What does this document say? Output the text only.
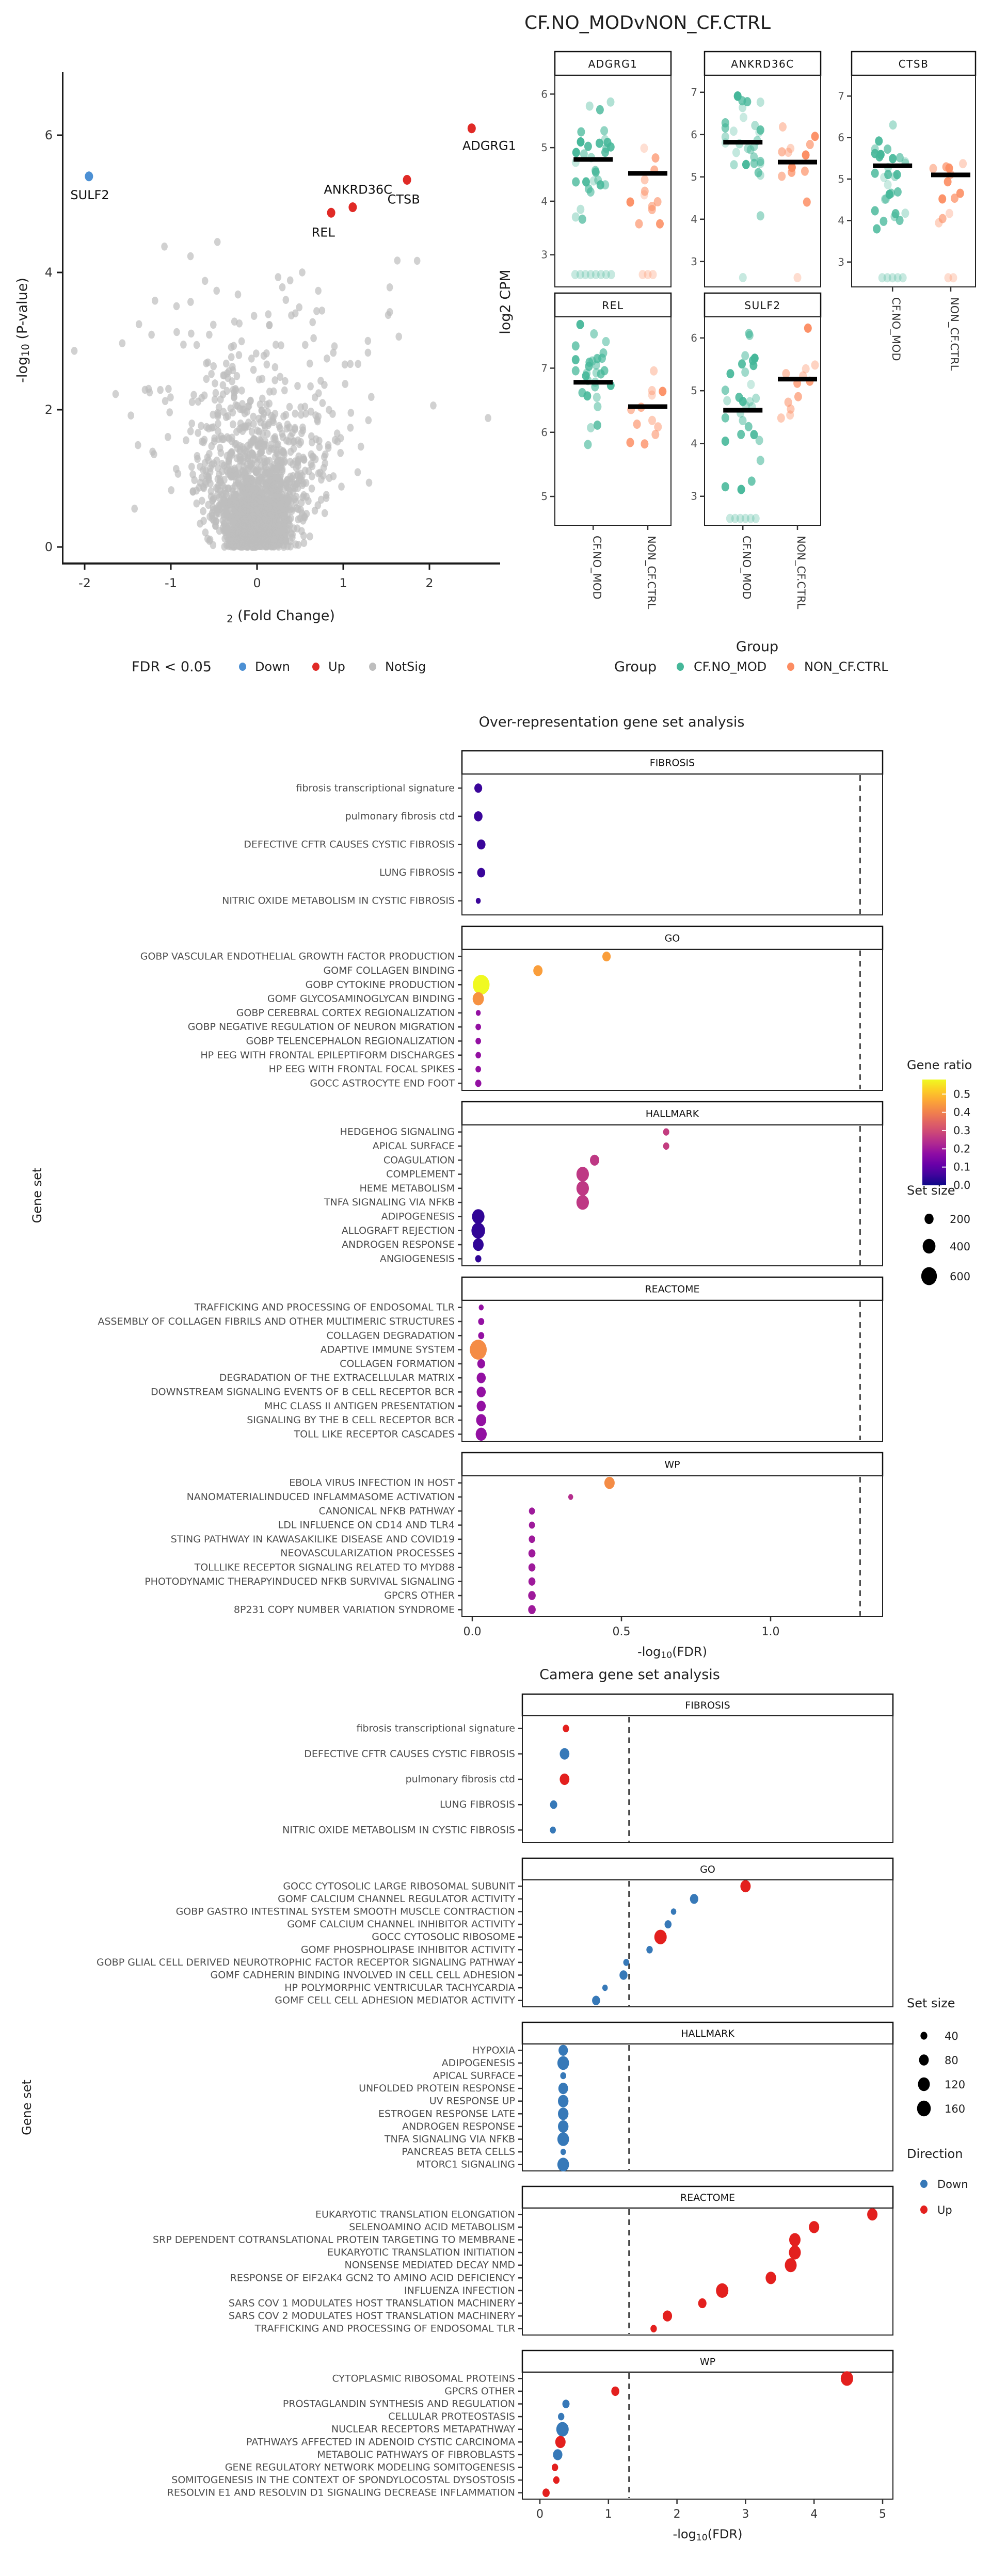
CF.NO_MODvNON_CF.CTRL
Over-representation gene set analysis
Camera gene set analysis
0
2
4
6
-2	-1	0	1	2
ADGRG1
SULF2	CTSB
ANKRD36C
REL
-log10 (P-value)
2 (Fold Change)
FDR < 0.05	Down	Up	NotSig
ADGRG1
3
4
5
6
ANKRD36C
3
4
5
6
7
CTSB
3
4
5
6
7
CF.NO_MOD	NON_CF.CTRL
REL
5
6
7
CF.NO_MOD	NON_CF.CTRL
SULF2
3
4
5
6
CF.NO_MOD	NON_CF.CTRL
log2 CPM
Group
Group	CF.NO_MOD	NON_CF.CTRL
FIBROSIS
fibrosis transcriptional signature
pulmonary fibrosis ctd
DEFECTIVE CFTR CAUSES CYSTIC FIBROSIS
LUNG FIBROSIS
NITRIC OXIDE METABOLISM IN CYSTIC FIBROSIS
GO
GOBP VASCULAR ENDOTHELIAL GROWTH FACTOR PRODUCTION
GOMF COLLAGEN BINDING
GOBP CYTOKINE PRODUCTION
GOMF GLYCOSAMINOGLYCAN BINDING
GOBP CEREBRAL CORTEX REGIONALIZATION
GOBP NEGATIVE REGULATION OF NEURON MIGRATION
GOBP TELENCEPHALON REGIONALIZATION
HP EEG WITH FRONTAL EPILEPTIFORM DISCHARGES
HP EEG WITH FRONTAL FOCAL SPIKES
GOCC ASTROCYTE END FOOT
HALLMARK
HEDGEHOG SIGNALING
APICAL SURFACE
COAGULATION
COMPLEMENT
HEME METABOLISM
TNFA SIGNALING VIA NFKB
ADIPOGENESIS
ALLOGRAFT REJECTION
ANDROGEN RESPONSE
ANGIOGENESIS
REACTOME
TRAFFICKING AND PROCESSING OF ENDOSOMAL TLR
ASSEMBLY OF COLLAGEN FIBRILS AND OTHER MULTIMERIC STRUCTURES
COLLAGEN DEGRADATION
ADAPTIVE IMMUNE SYSTEM
COLLAGEN FORMATION
DEGRADATION OF THE EXTRACELLULAR MATRIX
DOWNSTREAM SIGNALING EVENTS OF B CELL RECEPTOR BCR
MHC CLASS II ANTIGEN PRESENTATION
SIGNALING BY THE B CELL RECEPTOR BCR
TOLL LIKE RECEPTOR CASCADES
WP
EBOLA VIRUS INFECTION IN HOST
NANOMATERIALINDUCED INFLAMMASOME ACTIVATION
CANONICAL NFKB PATHWAY
LDL INFLUENCE ON CD14 AND TLR4
STING PATHWAY IN KAWASAKILIKE DISEASE AND COVID19
NEOVASCULARIZATION PROCESSES
TOLLLIKE RECEPTOR SIGNALING RELATED TO MYD88
PHOTODYNAMIC THERAPYINDUCED NFKB SURVIVAL SIGNALING
GPCRS OTHER
8P231 COPY NUMBER VARIATION SYNDROME
0.0	0.5	1.0
-log10(FDR)
Gene set
Gene ratio
0.5
0.4
0.3
0.2
0.1
0.0
Set size
200
400
600
FIBROSIS
fibrosis transcriptional signature
DEFECTIVE CFTR CAUSES CYSTIC FIBROSIS
pulmonary fibrosis ctd
LUNG FIBROSIS
NITRIC OXIDE METABOLISM IN CYSTIC FIBROSIS
GO
GOCC CYTOSOLIC LARGE RIBOSOMAL SUBUNIT
GOMF CALCIUM CHANNEL REGULATOR ACTIVITY
GOBP GASTRO INTESTINAL SYSTEM SMOOTH MUSCLE CONTRACTION
GOMF CALCIUM CHANNEL INHIBITOR ACTIVITY
GOCC CYTOSOLIC RIBOSOME
GOMF PHOSPHOLIPASE INHIBITOR ACTIVITY
GOBP GLIAL CELL DERIVED NEUROTROPHIC FACTOR RECEPTOR SIGNALING PATHWAY
GOMF CADHERIN BINDING INVOLVED IN CELL CELL ADHESION
HP POLYMORPHIC VENTRICULAR TACHYCARDIA
GOMF CELL CELL ADHESION MEDIATOR ACTIVITY
HALLMARK
HYPOXIA
ADIPOGENESIS
APICAL SURFACE
UNFOLDED PROTEIN RESPONSE
UV RESPONSE UP
ESTROGEN RESPONSE LATE
ANDROGEN RESPONSE
TNFA SIGNALING VIA NFKB
PANCREAS BETA CELLS
MTORC1 SIGNALING
REACTOME
EUKARYOTIC TRANSLATION ELONGATION
SELENOAMINO ACID METABOLISM
SRP DEPENDENT COTRANSLATIONAL PROTEIN TARGETING TO MEMBRANE
EUKARYOTIC TRANSLATION INITIATION
NONSENSE MEDIATED DECAY NMD
RESPONSE OF EIF2AK4 GCN2 TO AMINO ACID DEFICIENCY
INFLUENZA INFECTION
SARS COV 1 MODULATES HOST TRANSLATION MACHINERY
SARS COV 2 MODULATES HOST TRANSLATION MACHINERY
TRAFFICKING AND PROCESSING OF ENDOSOMAL TLR
WP
CYTOPLASMIC RIBOSOMAL PROTEINS
GPCRS OTHER
PROSTAGLANDIN SYNTHESIS AND REGULATION
CELLULAR PROTEOSTASIS
NUCLEAR RECEPTORS METAPATHWAY
PATHWAYS AFFECTED IN ADENOID CYSTIC CARCINOMA
METABOLIC PATHWAYS OF FIBROBLASTS
GENE REGULATORY NETWORK MODELING SOMITOGENESIS
SOMITOGENESIS IN THE CONTEXT OF SPONDYLOCOSTAL DYSOSTOSIS
RESOLVIN E1 AND RESOLVIN D1 SIGNALING DECREASE INFLAMMATION
0	1	2	3	4	5
-log10(FDR)
Gene set
Set size
40
80
120
160
Direction
Down
Up
